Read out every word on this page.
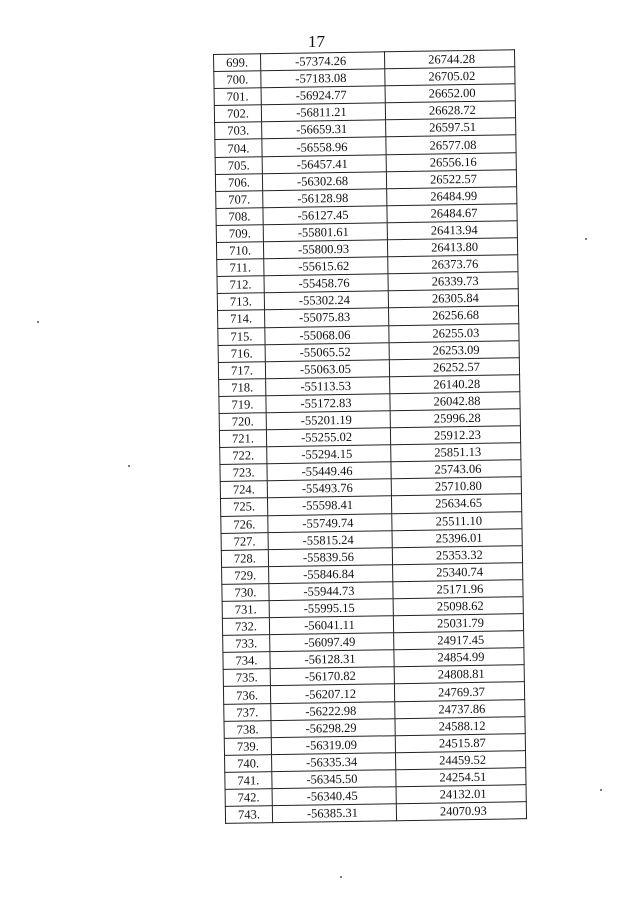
17
699.	-57374.26	26744.28
700.	-57183.08	26705.02
701.	-56924.77	26652.00
702.	-56811.21	26628.72
703.	-56659.31	26597.51
704.	-56558.96	26577.08
705.	-56457.41	26556.16
706.	-56302.68	26522.57
707.	-56128.98	26484.99
708.	-56127.45	26484.67
709.	-55801.61	26413.94
710.	-55800.93	26413.80
711.	-55615.62	26373.76
712.	-55458.76	26339.73
713.	-55302.24	26305.84
714.	-55075.83	26256.68
715.	-55068.06	26255.03
716.	-55065.52	26253.09
717.	-55063.05	26252.57
718.	-55113.53	26140.28
719.	-55172.83	26042.88
720.	-55201.19	25996.28
721.	-55255.02	25912.23
722.	-55294.15	25851.13
723.	-55449.46	25743.06
724.	-55493.76	25710.80
725.	-55598.41	25634.65
726.	-55749.74	25511.10
727.	-55815.24	25396.01
728.	-55839.56	25353.32
729.	-55846.84	25340.74
730.	-55944.73	25171.96
731.	-55995.15	25098.62
732.	-56041.11	25031.79
733.	-56097.49	24917.45
734.	-56128.31	24854.99
735.	-56170.82	24808.81
736.	-56207.12	24769.37
737.	-56222.98	24737.86
738.	-56298.29	24588.12
739.	-56319.09	24515.87
740.	-56335.34	24459.52
741.	-56345.50	24254.51
742.	-56340.45	24132.01
743.	-56385.31	24070.93
